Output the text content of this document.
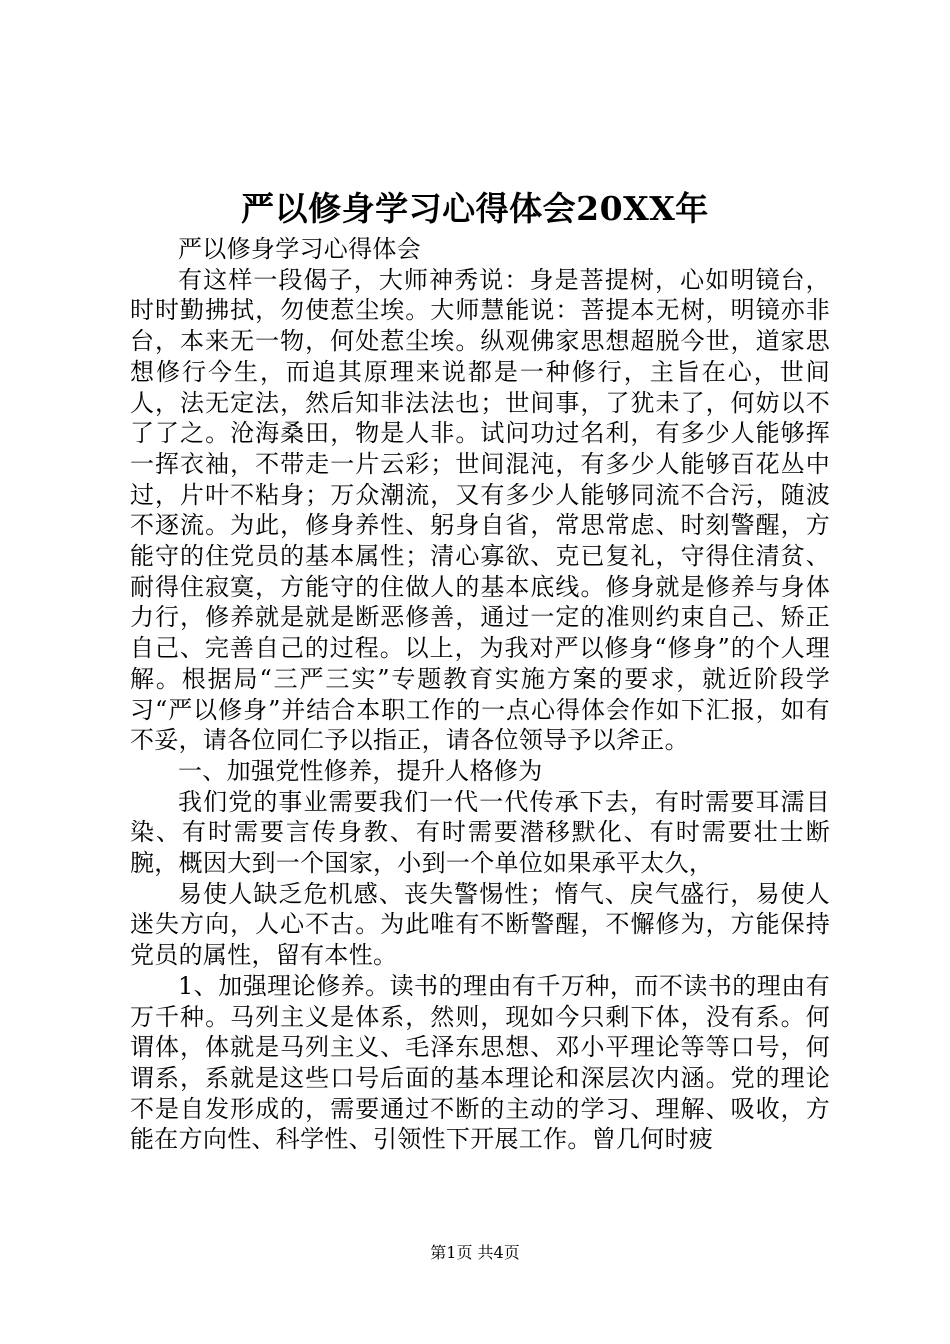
严以修身学习心得体会20XX年

严以修身学习心得体会

有这样一段偈子，大师神秀说：身是菩提树，心如明镜台，时时勤拂拭，勿使惹尘埃。大师慧能说：菩提本无树，明镜亦非台，本来无一物，何处惹尘埃。纵观佛家思想超脱今世，道家思想修行今生，而追其原理来说都是一种修行，主旨在心，世间人，法无定法，然后知非法法也；世间事，了犹未了，何妨以不了了之。沧海桑田，物是人非。试问功过名利，有多少人能够挥一挥衣袖，不带走一片云彩；世间混沌，有多少人能够百花丛中过，片叶不粘身；万众潮流，又有多少人能够同流不合污，随波不逐流。为此，修身养性、躬身自省，常思常虑、时刻警醒，方能守的住党员的基本属性；清心寡欲、克已复礼，守得住清贫、耐得住寂寞，方能守的住做人的基本底线。修身就是修养与身体力行，修养就是就是断恶修善，通过一定的准则约束自己、矫正自己、完善自己的过程。以上，为我对严以修身“修身”的个人理解。根据局“三严三实”专题教育实施方案的要求，就近阶段学习“严以修身”并结合本职工作的一点心得体会作如下汇报，如有不妥，请各位同仁予以指正，请各位领导予以斧正。

一、加强党性修养，提升人格修为

我们党的事业需要我们一代一代传承下去，有时需要耳濡目染、有时需要言传身教、有时需要潜移默化、有时需要壮士断腕，概因大到一个国家，小到一个单位如果承平太久，

易使人缺乏危机感、丧失警惕性；惰气、戾气盛行，易使人迷失方向，人心不古。为此唯有不断警醒，不懈修为，方能保持党员的属性，留有本性。

1、加强理论修养。读书的理由有千万种，而不读书的理由有万千种。马列主义是体系，然则，现如今只剩下体，没有系。何谓体，体就是马列主义、毛泽东思想、邓小平理论等等口号，何谓系，系就是这些口号后面的基本理论和深层次内涵。党的理论不是自发形成的，需要通过不断的主动的学习、理解、吸收，方能在方向性、科学性、引领性下开展工作。曾几何时疲

第1页 共4页
